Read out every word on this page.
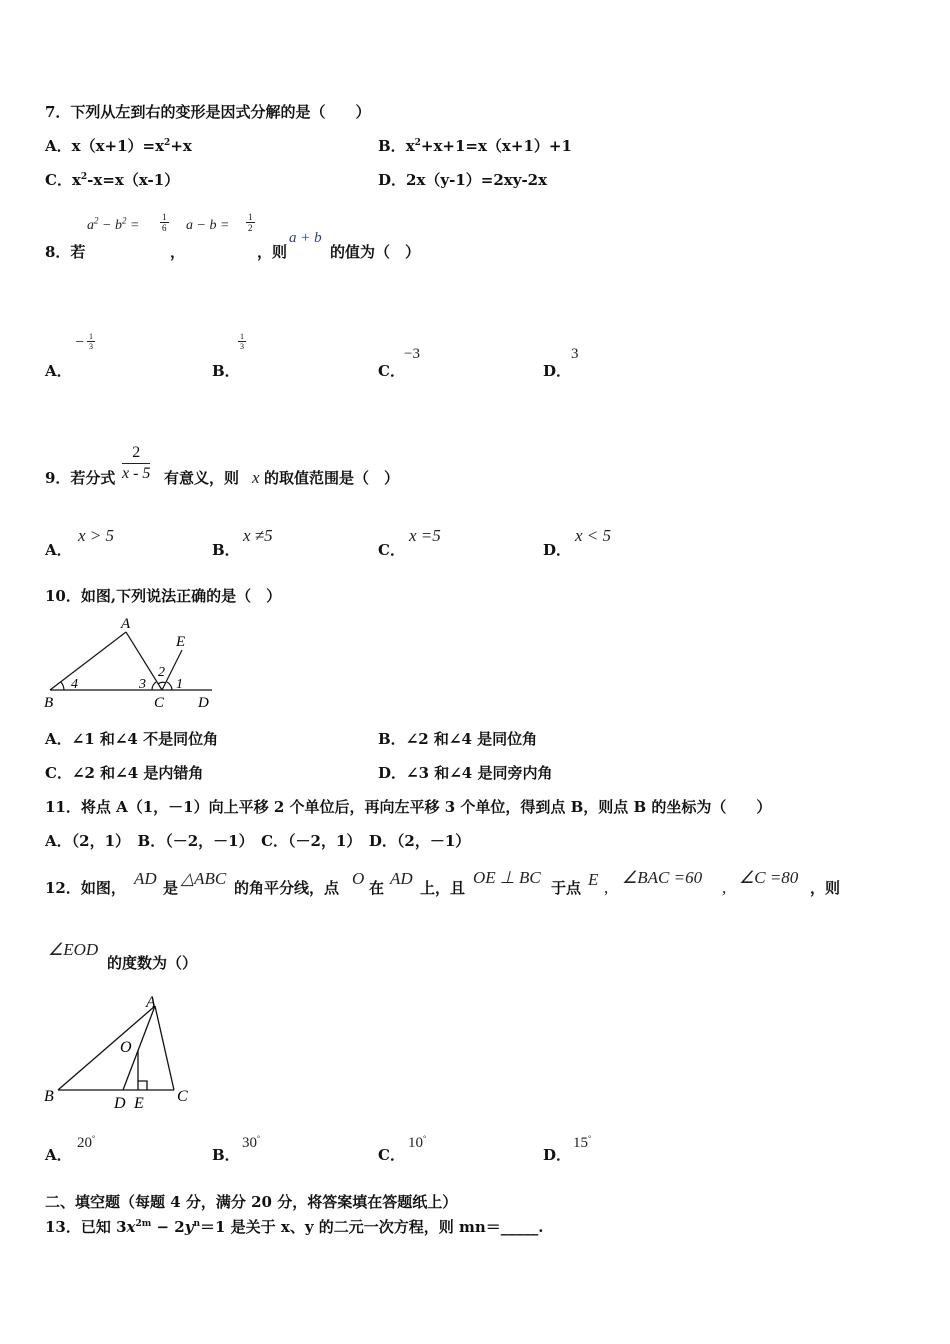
7．下列从左到右的变形是因式分解的是（　　）
A．$x(x+1)=x^2+x$	B．$x^2+x+1=x(x+1)+1$
C．$x^2-x=x(x-1)$	D．2x（y-1）=2xy-2x
$a^2 - b^2 = \frac{1}{6}$ $a - b = \frac{1}{2}$
8．若	，	，则
a + b
的值为（　）
A．
− $\frac{1}{3}$
B．
$\frac{1}{3}$
C．
−3
D．
3
9．若分式 $\frac{2}{x - 5}$ 有意义，则 x 的取值范围是（　）
A．
x > 5
B．
x ≠5
C．
x =5
D．
x < 5
10．如图,下列说法正确的是（　）
A
B	C D
E
1
2
3
4
A．∠1 和∠4 不是同位角	B．∠2 和∠4 是同位角
C．∠2 和∠4 是内错角	D．∠3 和∠4 是同旁内角
11．将点 A（1，－1）向上平移 2 个单位后，再向左平移 3 个单位，得到点 B，则点 B 的坐标为（　　）
A．（2，1）　B．（－2，－1）　C．（－2，1）　D．（2，－1）
12．如图， AD 是 △ABC 的角平分线，点 O 在 AD 上，且
OE ⊥ BC
于点 E ,
∠BAC =60
,
∠C =80
，则
∠EOD
的度数为（）
A
B	C
D E
O
A．
20°
B．
30°
C．
10°
D．
15°
二、填空题（每题 4 分，满分 20 分，将答案填在答题纸上）
13．已知 $3x^{2m} - 2y^n=1$ 是关于 x、y 的二元一次方程，则 mn＝_____.
